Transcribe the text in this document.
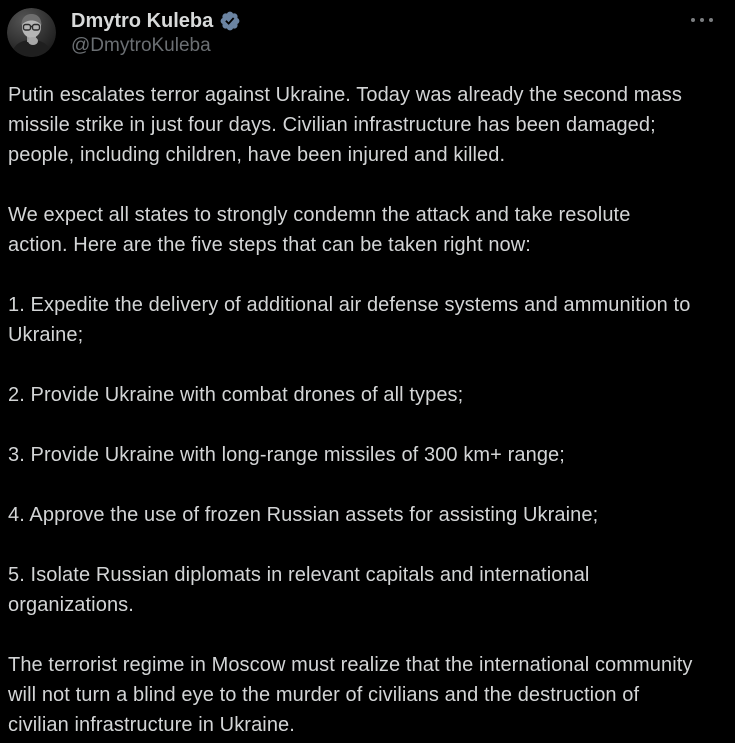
Dmytro Kuleba
@DmytroKuleba

Putin escalates terror against Ukraine. Today was already the second mass missile strike in just four days. Civilian infrastructure has been damaged; people, including children, have been injured and killed.

We expect all states to strongly condemn the attack and take resolute action. Here are the five steps that can be taken right now:

1. Expedite the delivery of additional air defense systems and ammunition to Ukraine;

2. Provide Ukraine with combat drones of all types;

3. Provide Ukraine with long-range missiles of 300 km+ range;

4. Approve the use of frozen Russian assets for assisting Ukraine;

5. Isolate Russian diplomats in relevant capitals and international organizations.

The terrorist regime in Moscow must realize that the international community will not turn a blind eye to the murder of civilians and the destruction of civilian infrastructure in Ukraine.
